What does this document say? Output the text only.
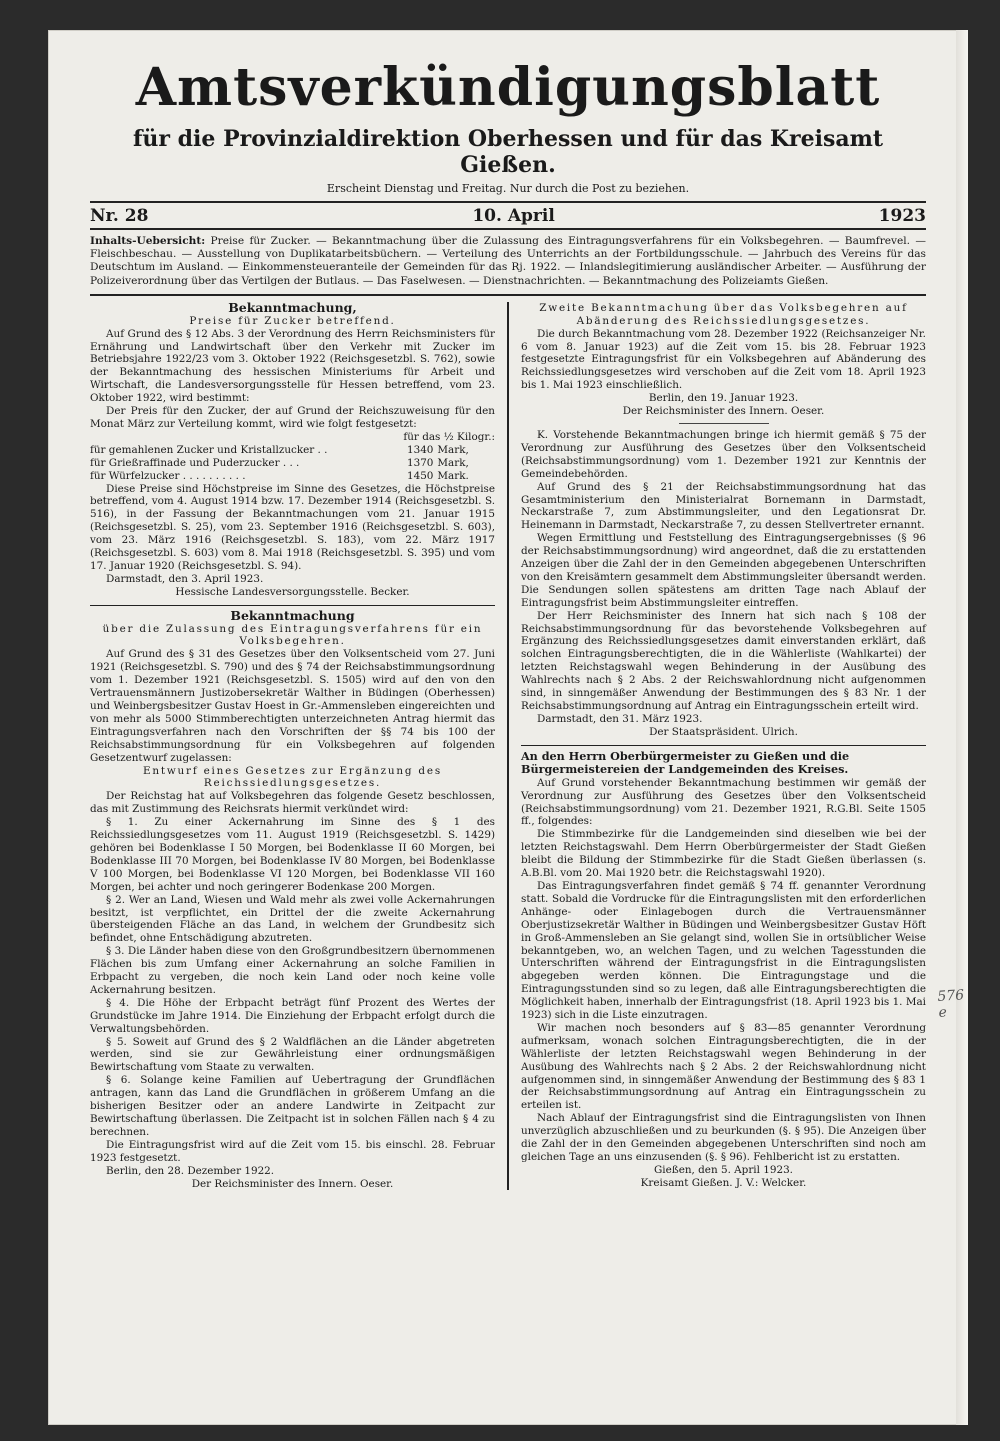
Amtsverkündigungsblatt
für die Provinzialdirektion Oberhessen und für das Kreisamt Gießen.
Erscheint Dienstag und Freitag. Nur durch die Post zu beziehen.
Nr. 28	10. April	1923
Inhalts-Uebersicht: Preise für Zucker. — Bekanntmachung über die Zulassung des Eintragungsverfahrens für ein Volksbegehren. — Baumfrevel. — Fleischbeschau. — Ausstellung von Duplikatarbeitsbüchern. — Verteilung des Unterrichts an der Fortbildungsschule. — Jahrbuch des Vereins für das Deutschtum im Ausland. — Einkommensteueranteile der Gemeinden für das Rj. 1922. — Inlandslegitimierung ausländischer Arbeiter. — Ausführung der Polizeiverordnung über das Vertilgen der Butlaus. — Das Faselwesen. — Dienstnachrichten. — Bekanntmachung des Polizeiamts Gießen.

Bekanntmachung,

Preise für Zucker betreffend.

Auf Grund des § 12 Abs. 3 der Verordnung des Herrn Reichsministers für Ernährung und Landwirtschaft über den Verkehr mit Zucker im Betriebsjahre 1922/23 vom 3. Oktober 1922 (Reichsgesetzbl. S. 762), sowie der Bekanntmachung des hessischen Ministeriums für Arbeit und Wirtschaft, die Landesversorgungsstelle für Hessen betreffend, vom 23. Oktober 1922, wird bestimmt:

Der Preis für den Zucker, der auf Grund der Reichszuweisung für den Monat März zur Verteilung kommt, wird wie folgt festgesetzt:

	für das ½ Kilogr.:	
für gemahlenen Zucker und Kristallzucker . .	1340	Mark,
für Grießraffinade und Puderzucker . . .	1370	Mark,
für Würfelzucker . . . . . . . . . .	1450	Mark.

Diese Preise sind Höchstpreise im Sinne des Gesetzes, die Höchstpreise betreffend, vom 4. August 1914 bzw. 17. Dezember 1914 (Reichsgesetzbl. S. 516), in der Fassung der Bekanntmachungen vom 21. Januar 1915 (Reichsgesetzbl. S. 25), vom 23. September 1916 (Reichsgesetzbl. S. 603), vom 23. März 1916 (Reichsgesetzbl. S. 183), vom 22. März 1917 (Reichsgesetzbl. S. 603) vom 8. Mai 1918 (Reichsgesetzbl. S. 395) und vom 17. Januar 1920 (Reichsgesetzbl. S. 94).

Darmstadt, den 3. April 1923.

Hessische Landesversorgungsstelle. Becker.

Bekanntmachung

über die Zulassung des Eintragungsverfahrens für ein Volksbegehren.

Auf Grund des § 31 des Gesetzes über den Volksentscheid vom 27. Juni 1921 (Reichsgesetzbl. S. 790) und des § 74 der Reichsabstimmungsordnung vom 1. Dezember 1921 (Reichsgesetzbl. S. 1505) wird auf den von den Vertrauensmännern Justizobersekretär Walther in Büdingen (Oberhessen) und Weinbergsbesitzer Gustav Hoest in Gr.-Ammensleben eingereichten und von mehr als 5000 Stimmberechtigten unterzeichneten Antrag hiermit das Eintragungsverfahren nach den Vorschriften der §§ 74 bis 100 der Reichsabstimmungsordnung für ein Volksbegehren auf folgenden Gesetzentwurf zugelassen:

Entwurf eines Gesetzes zur Ergänzung des Reichssiedlungsgesetzes.

Der Reichstag hat auf Volksbegehren das folgende Gesetz beschlossen, das mit Zustimmung des Reichsrats hiermit verkündet wird:

§ 1. Zu einer Ackernahrung im Sinne des § 1 des Reichssiedlungsgesetzes vom 11. August 1919 (Reichsgesetzbl. S. 1429) gehören bei Bodenklasse I 50 Morgen, bei Bodenklasse II 60 Morgen, bei Bodenklasse III 70 Morgen, bei Bodenklasse IV 80 Morgen, bei Bodenklasse V 100 Morgen, bei Bodenklasse VI 120 Morgen, bei Bodenklasse VII 160 Morgen, bei achter und noch geringerer Bodenkase 200 Morgen.

§ 2. Wer an Land, Wiesen und Wald mehr als zwei volle Ackernahrungen besitzt, ist verpflichtet, ein Drittel der die zweite Ackernahrung übersteigenden Fläche an das Land, in welchem der Grundbesitz sich befindet, ohne Entschädigung abzutreten.

§ 3. Die Länder haben diese von den Großgrundbesitzern übernommenen Flächen bis zum Umfang einer Ackernahrung an solche Familien in Erbpacht zu vergeben, die noch kein Land oder noch keine volle Ackernahrung besitzen.

§ 4. Die Höhe der Erbpacht beträgt fünf Prozent des Wertes der Grundstücke im Jahre 1914. Die Einziehung der Erbpacht erfolgt durch die Verwaltungsbehörden.

§ 5. Soweit auf Grund des § 2 Waldflächen an die Länder abgetreten werden, sind sie zur Gewährleistung einer ordnungsmäßigen Bewirtschaftung vom Staate zu verwalten.

§ 6. Solange keine Familien auf Uebertragung der Grundflächen antragen, kann das Land die Grundflächen in größerem Umfang an die bisherigen Besitzer oder an andere Landwirte in Zeitpacht zur Bewirtschaftung überlassen. Die Zeitpacht ist in solchen Fällen nach § 4 zu berechnen.

Die Eintragungsfrist wird auf die Zeit vom 15. bis einschl. 28. Februar 1923 festgesetzt.

Berlin, den 28. Dezember 1922.

Der Reichsminister des Innern. Oeser.

Zweite Bekanntmachung über das Volksbegehren auf Abänderung des Reichssiedlungsgesetzes.

Die durch Bekanntmachung vom 28. Dezember 1922 (Reichsanzeiger Nr. 6 vom 8. Januar 1923) auf die Zeit vom 15. bis 28. Februar 1923 festgesetzte Eintragungsfrist für ein Volksbegehren auf Abänderung des Reichssiedlungsgesetzes wird verschoben auf die Zeit vom 18. April 1923 bis 1. Mai 1923 einschließlich.

Berlin, den 19. Januar 1923.

Der Reichsminister des Innern. Oeser.

K. Vorstehende Bekanntmachungen bringe ich hiermit gemäß § 75 der Verordnung zur Ausführung des Gesetzes über den Volksentscheid (Reichsabstimmungsordnung) vom 1. Dezember 1921 zur Kenntnis der Gemeindebehörden.

Auf Grund des § 21 der Reichsabstimmungsordnung hat das Gesamtministerium den Ministerialrat Bornemann in Darmstadt, Neckarstraße 7, zum Abstimmungsleiter, und den Legationsrat Dr. Heinemann in Darmstadt, Neckarstraße 7, zu dessen Stellvertreter ernannt.

Wegen Ermittlung und Feststellung des Eintragungsergebnisses (§ 96 der Reichsabstimmungsordnung) wird angeordnet, daß die zu erstattenden Anzeigen über die Zahl der in den Gemeinden abgegebenen Unterschriften von den Kreisämtern gesammelt dem Abstimmungsleiter übersandt werden. Die Sendungen sollen spätestens am dritten Tage nach Ablauf der Eintragungsfrist beim Abstimmungsleiter eintreffen.

Der Herr Reichsminister des Innern hat sich nach § 108 der Reichsabstimmungsordnung für das bevorstehende Volksbegehren auf Ergänzung des Reichssiedlungsgesetzes damit einverstanden erklärt, daß solchen Eintragungsberechtigten, die in die Wählerliste (Wahlkartei) der letzten Reichstagswahl wegen Behinderung in der Ausübung des Wahlrechts nach § 2 Abs. 2 der Reichswahlordnung nicht aufgenommen sind, in sinngemäßer Anwendung der Bestimmungen des § 83 Nr. 1 der Reichsabstimmungsordnung auf Antrag ein Eintragungsschein erteilt wird.

Darmstadt, den 31. März 1923.

Der Staatspräsident. Ulrich.

An den Herrn Oberbürgermeister zu Gießen und die Bürgermeistereien der Landgemeinden des Kreises.

Auf Grund vorstehender Bekanntmachung bestimmen wir gemäß der Verordnung zur Ausführung des Gesetzes über den Volksentscheid (Reichsabstimmungsordnung) vom 21. Dezember 1921, R.G.Bl. Seite 1505 ff., folgendes:

Die Stimmbezirke für die Landgemeinden sind dieselben wie bei der letzten Reichstagswahl. Dem Herrn Oberbürgermeister der Stadt Gießen bleibt die Bildung der Stimmbezirke für die Stadt Gießen überlassen (s. A.B.Bl. vom 20. Mai 1920 betr. die Reichstagswahl 1920).

Das Eintragungsverfahren findet gemäß § 74 ff. genannter Verordnung statt. Sobald die Vordrucke für die Eintragungslisten mit den erforderlichen Anhänge- oder Einlagebogen durch die Vertrauensmänner Oberjustizsekretär Walther in Büdingen und Weinbergsbesitzer Gustav Höft in Groß-Ammensleben an Sie gelangt sind, wollen Sie in ortsüblicher Weise bekanntgeben, wo, an welchen Tagen, und zu welchen Tagesstunden die Unterschriften während der Eintragungsfrist in die Eintragungslisten abgegeben werden können. Die Eintragungstage und die Eintragungsstunden sind so zu legen, daß alle Eintragungsberechtigten die Möglichkeit haben, innerhalb der Eintragungsfrist (18. April 1923 bis 1. Mai 1923) sich in die Liste einzutragen.

Wir machen noch besonders auf § 83—85 genannter Verordnung aufmerksam, wonach solchen Eintragungsberechtigten, die in der Wählerliste der letzten Reichstagswahl wegen Behinderung in der Ausübung des Wahlrechts nach § 2 Abs. 2 der Reichswahlordnung nicht aufgenommen sind, in sinngemäßer Anwendung der Bestimmung des § 83 1 der Reichsabstimmungsordnung auf Antrag ein Eintragungsschein zu erteilen ist.

Nach Ablauf der Eintragungsfrist sind die Eintragungslisten von Ihnen unverzüglich abzuschließen und zu beurkunden (§. § 95). Die Anzeigen über die Zahl der in den Gemeinden abgegebenen Unterschriften sind noch am gleichen Tage an uns einzusenden (§. § 96). Fehlbericht ist zu erstatten.

Gießen, den 5. April 1923.

Kreisamt Gießen. J. V.: Welcker.

576 e
